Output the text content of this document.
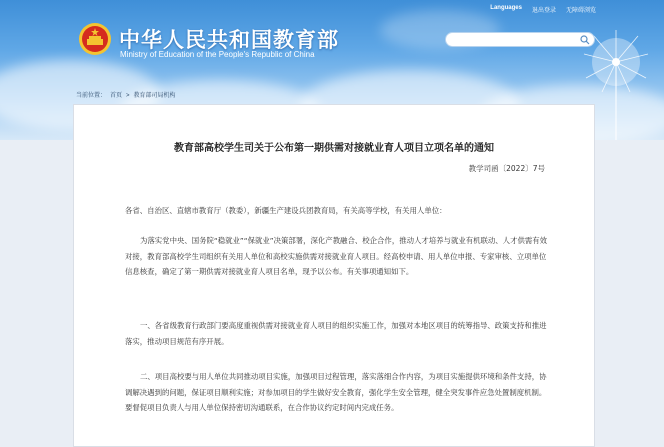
中华人民共和国教育部
Ministry of Education of the People's Republic of China
Languages 退出登录 无障碍浏览
当前位置： 首页 > 教育部司局机构
教育部高校学生司关于公布第一期供需对接就业育人项目立项名单的通知
教学司函〔2022〕7号

各省、自治区、直辖市教育厅（教委），新疆生产建设兵团教育局，有关高等学校，有关用人单位：

为落实党中央、国务院“稳就业”“保就业”决策部署，深化产教融合、校企合作，推动人才培养与就业有机联动、人才供需有效对接，教育部高校学生司组织有关用人单位和高校实施供需对接就业育人项目。经高校申请、用人单位申报、专家审核、立项单位信息核查，确定了第一期供需对接就业育人项目名单，现予以公布。有关事项通知如下。

一、各省级教育行政部门要高度重视供需对接就业育人项目的组织实施工作，加强对本地区项目的统筹指导、政策支持和推进落实，推动项目规范有序开展。

二、项目高校要与用人单位共同推动项目实施，加强项目过程管理，落实落细合作内容，为项目实施提供环境和条件支持，协调解决遇到的问题，保证项目顺利实施；对参加项目的学生做好安全教育，强化学生安全管理，健全突发事件应急处置制度机制。要督促项目负责人与用人单位保持密切沟通联系，在合作协议约定时间内完成任务。
